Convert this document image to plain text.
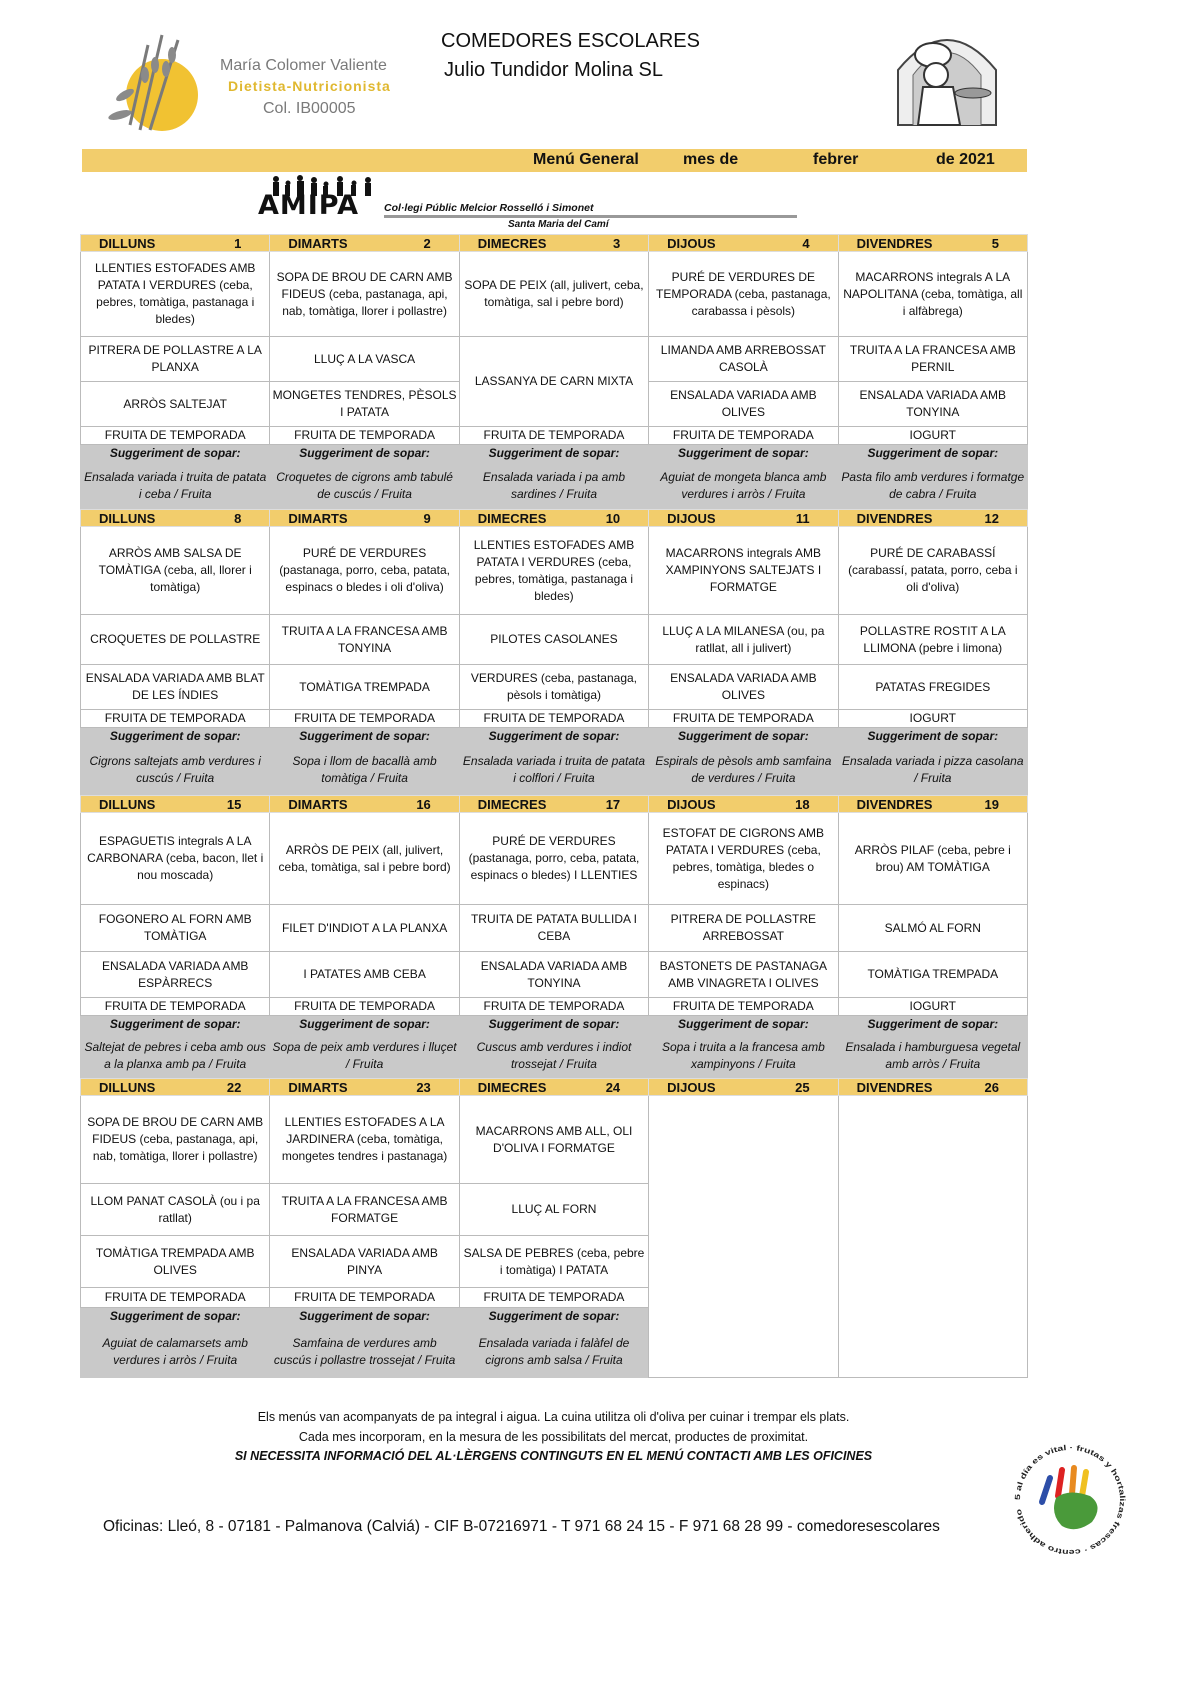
María Colomer Valiente
Dietista-Nutricionista
Col. IB00005
COMEDORES ESCOLARES
Julio Tundidor Molina SL
Menú General	mes de	febrer	de 2021
AMIPA Col·legi Públic Melcior Rosselló i Simonet
Santa Maria del Camí
DILLUNS 1	DIMARTS 2	DIMECRES 3	DIJOUS 4	DIVENDRES 5

LLENTIES ESTOFADES AMB PATATA I VERDURES (ceba, pebres, tomàtiga, pastanaga i bledes)	SOPA DE BROU DE CARN AMB FIDEUS (ceba, pastanaga, api, nab, tomàtiga, llorer i pollastre)	SOPA DE PEIX (all, julivert, ceba, tomàtiga, sal i pebre bord)	PURÉ DE VERDURES DE TEMPORADA (ceba, pastanaga, carabassa i pèsols)	MACARRONS integrals A LA NAPOLITANA (ceba, tomàtiga, all i alfàbrega)
PITRERA DE POLLASTRE A LA PLANXA	LLUÇ A LA VASCA	LASSANYA DE CARN MIXTA	LIMANDA AMB ARREBOSSAT CASOLÀ	TRUITA A LA FRANCESA AMB PERNIL
ARRÒS SALTEJAT	MONGETES TENDRES, PÈSOLS I PATATA		ENSALADA VARIADA AMB OLIVES	ENSALADA VARIADA AMB TONYINA
FRUITA DE TEMPORADA	FRUITA DE TEMPORADA	FRUITA DE TEMPORADA	FRUITA DE TEMPORADA	IOGURT
Suggeriment de sopar:	Suggeriment de sopar:	Suggeriment de sopar:	Suggeriment de sopar:	Suggeriment de sopar:
Ensalada variada i truita de patata i ceba / Fruita	Croquetes de cigrons amb tabulé de cuscús / Fruita	Ensalada variada i pa amb sardines / Fruita	Aguiat de mongeta blanca amb verdures i arròs / Fruita	Pasta filo amb verdures i formatge de cabra / Fruita
DILLUNS 8	DIMARTS 9	DIMECRES 10	DIJOUS 11	DIVENDRES 12

ARRÒS AMB SALSA DE TOMÀTIGA (ceba, all, llorer i tomàtiga)	PURÉ DE VERDURES (pastanaga, porro, ceba, patata, espinacs o bledes i oli d'oliva)	LLENTIES ESTOFADES AMB PATATA I VERDURES (ceba, pebres, tomàtiga, pastanaga i bledes)	MACARRONS integrals AMB XAMPINYONS SALTEJATS I FORMATGE	PURÉ DE CARABASSÍ (carabassí, patata, porro, ceba i oli d'oliva)
CROQUETES DE POLLASTRE	TRUITA A LA FRANCESA AMB TONYINA	PILOTES CASOLANES	LLUÇ A LA MILANESA (ou, pa ratllat, all i julivert)	POLLASTRE ROSTIT A LA LLIMONA (pebre i limona)
ENSALADA VARIADA AMB BLAT DE LES ÍNDIES	TOMÀTIGA TREMPADA	VERDURES (ceba, pastanaga, pèsols i tomàtiga)	ENSALADA VARIADA AMB OLIVES	PATATAS FREGIDES
FRUITA DE TEMPORADA	FRUITA DE TEMPORADA	FRUITA DE TEMPORADA	FRUITA DE TEMPORADA	IOGURT
Suggeriment de sopar:	Suggeriment de sopar:	Suggeriment de sopar:	Suggeriment de sopar:	Suggeriment de sopar:
Cigrons saltejats amb verdures i cuscús / Fruita	Sopa i llom de bacallà amb tomàtiga / Fruita	Ensalada variada i truita de patata i colflori / Fruita	Espirals de pèsols amb samfaina de verdures / Fruita	Ensalada variada i pizza casolana / Fruita
DILLUNS 15	DIMARTS 16	DIMECRES 17	DIJOUS 18	DIVENDRES 19

ESPAGUETIS integrals A LA CARBONARA (ceba, bacon, llet i nou moscada)	ARRÒS DE PEIX (all, julivert, ceba, tomàtiga, sal i pebre bord)	PURÉ DE VERDURES (pastanaga, porro, ceba, patata, espinacs o bledes) I LLENTIES	ESTOFAT DE CIGRONS AMB PATATA I VERDURES (ceba, pebres, tomàtiga, bledes o espinacs)	ARRÒS PILAF (ceba, pebre i brou) AM TOMÀTIGA
FOGONERO AL FORN AMB TOMÀTIGA	FILET D'INDIOT A LA PLANXA	TRUITA DE PATATA BULLIDA I CEBA	PITRERA DE POLLASTRE ARREBOSSAT	SALMÓ AL FORN
ENSALADA VARIADA AMB ESPÀRRECS	I PATATES AMB CEBA	ENSALADA VARIADA AMB TONYINA	BASTONETS DE PASTANAGA AMB VINAGRETA I OLIVES	TOMÀTIGA TREMPADA
FRUITA DE TEMPORADA	FRUITA DE TEMPORADA	FRUITA DE TEMPORADA	FRUITA DE TEMPORADA	IOGURT
Suggeriment de sopar:	Suggeriment de sopar:	Suggeriment de sopar:	Suggeriment de sopar:	Suggeriment de sopar:
Saltejat de pebres i ceba amb ous a la planxa amb pa / Fruita	Sopa de peix amb verdures i lluçet / Fruita	Cuscus amb verdures i indiot trossejat / Fruita	Sopa i truita a la francesa amb xampinyons / Fruita	Ensalada i hamburguesa vegetal amb arròs / Fruita
DILLUNS 22	DIMARTS 23	DIMECRES 24	DIJOUS 25	DIVENDRES 26

SOPA DE BROU DE CARN AMB FIDEUS (ceba, pastanaga, api, nab, tomàtiga, llorer i pollastre)	LLENTIES ESTOFADES A LA JARDINERA (ceba, tomàtiga, mongetes tendres i pastanaga)	MACARRONS AMB ALL, OLI D'OLIVA I FORMATGE		
LLOM PANAT CASOLÀ (ou i pa ratllat)	TRUITA A LA FRANCESA AMB FORMATGE	LLUÇ AL FORN		
TOMÀTIGA TREMPADA AMB OLIVES	ENSALADA VARIADA AMB PINYA	SALSA DE PEBRES (ceba, pebre i tomàtiga) I PATATA		
FRUITA DE TEMPORADA	FRUITA DE TEMPORADA	FRUITA DE TEMPORADA		
Suggeriment de sopar:	Suggeriment de sopar:	Suggeriment de sopar:		
Aguiat de calamarsets amb verdures i arròs / Fruita	Samfaina de verdures amb cuscús i pollastre trossejat / Fruita	Ensalada variada i falàfel de cigrons amb salsa / Fruita		
Els menús van acompanyats de pa integral i aigua. La cuina utilitza oli d'oliva per cuinar i trempar els plats.
Cada mes incorporam, en la mesura de les possibilitats del mercat, productes de proximitat.
SI NECESSITA INFORMACIÓ DEL AL·LÈRGENS CONTINGUTS EN EL MENÚ CONTACTI AMB LES OFICINES
Oficinas: Lleó, 8 - 07181 - Palmanova (Calviá) - CIF B-07216971 - T 971 68 24 15 - F 971 68 28 99 - comedoresescolares
5 al día es vital · frutas y hortalizas frescas · centro adherido
